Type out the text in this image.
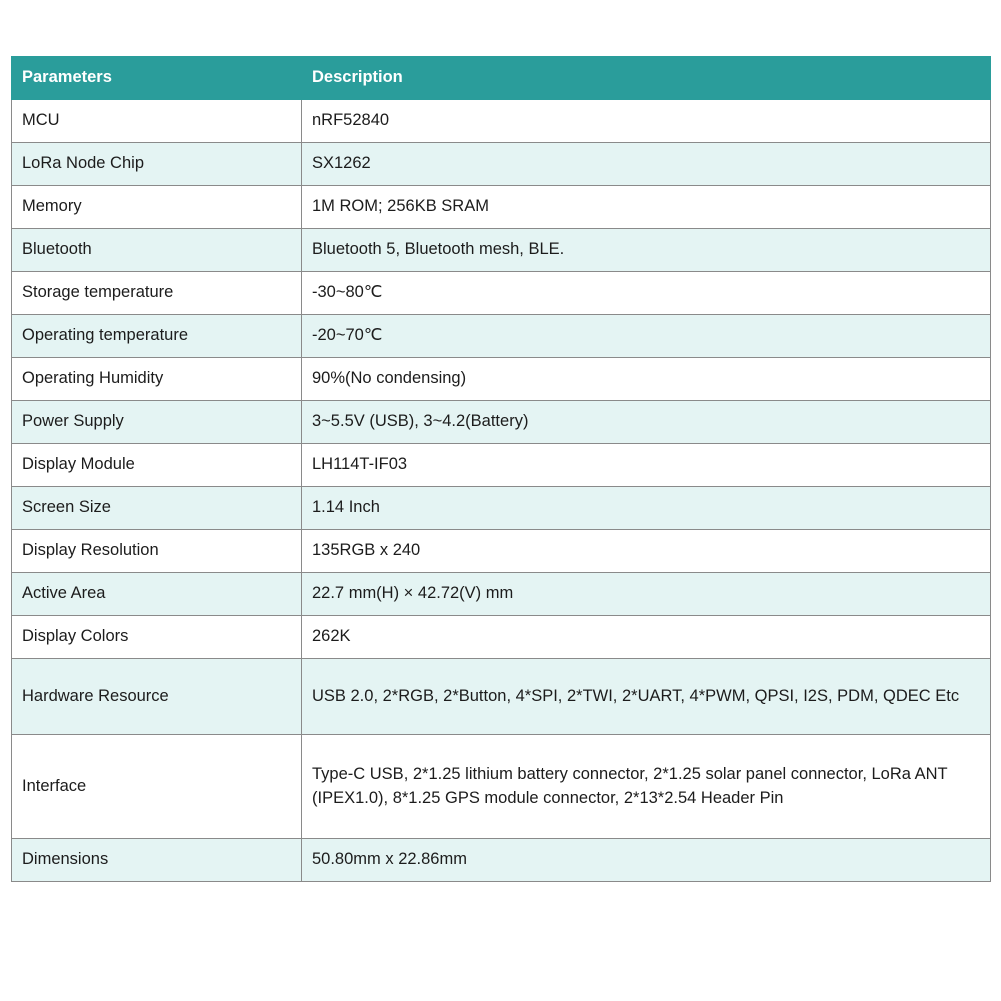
Parameters	Description
MCU	nRF52840
LoRa Node Chip	SX1262
Memory	1M ROM; 256KB SRAM
Bluetooth	Bluetooth 5, Bluetooth mesh, BLE.
Storage temperature	-30~80℃
Operating temperature	-20~70℃
Operating Humidity	90%(No condensing)
Power Supply	3~5.5V (USB), 3~4.2(Battery)
Display Module	LH114T-IF03
Screen Size	1.14 Inch
Display Resolution	135RGB x 240
Active Area	22.7 mm(H) × 42.72(V) mm
Display Colors	262K
Hardware Resource	USB 2.0, 2*RGB, 2*Button, 4*SPI, 2*TWI, 2*UART, 4*PWM, QPSI, I2S, PDM, QDEC Etc
Interface	Type-C USB, 2*1.25 lithium battery connector, 2*1.25 solar panel connector, LoRa ANT (IPEX1.0), 8*1.25 GPS module connector, 2*13*2.54 Header Pin
Dimensions	50.80mm x 22.86mm
